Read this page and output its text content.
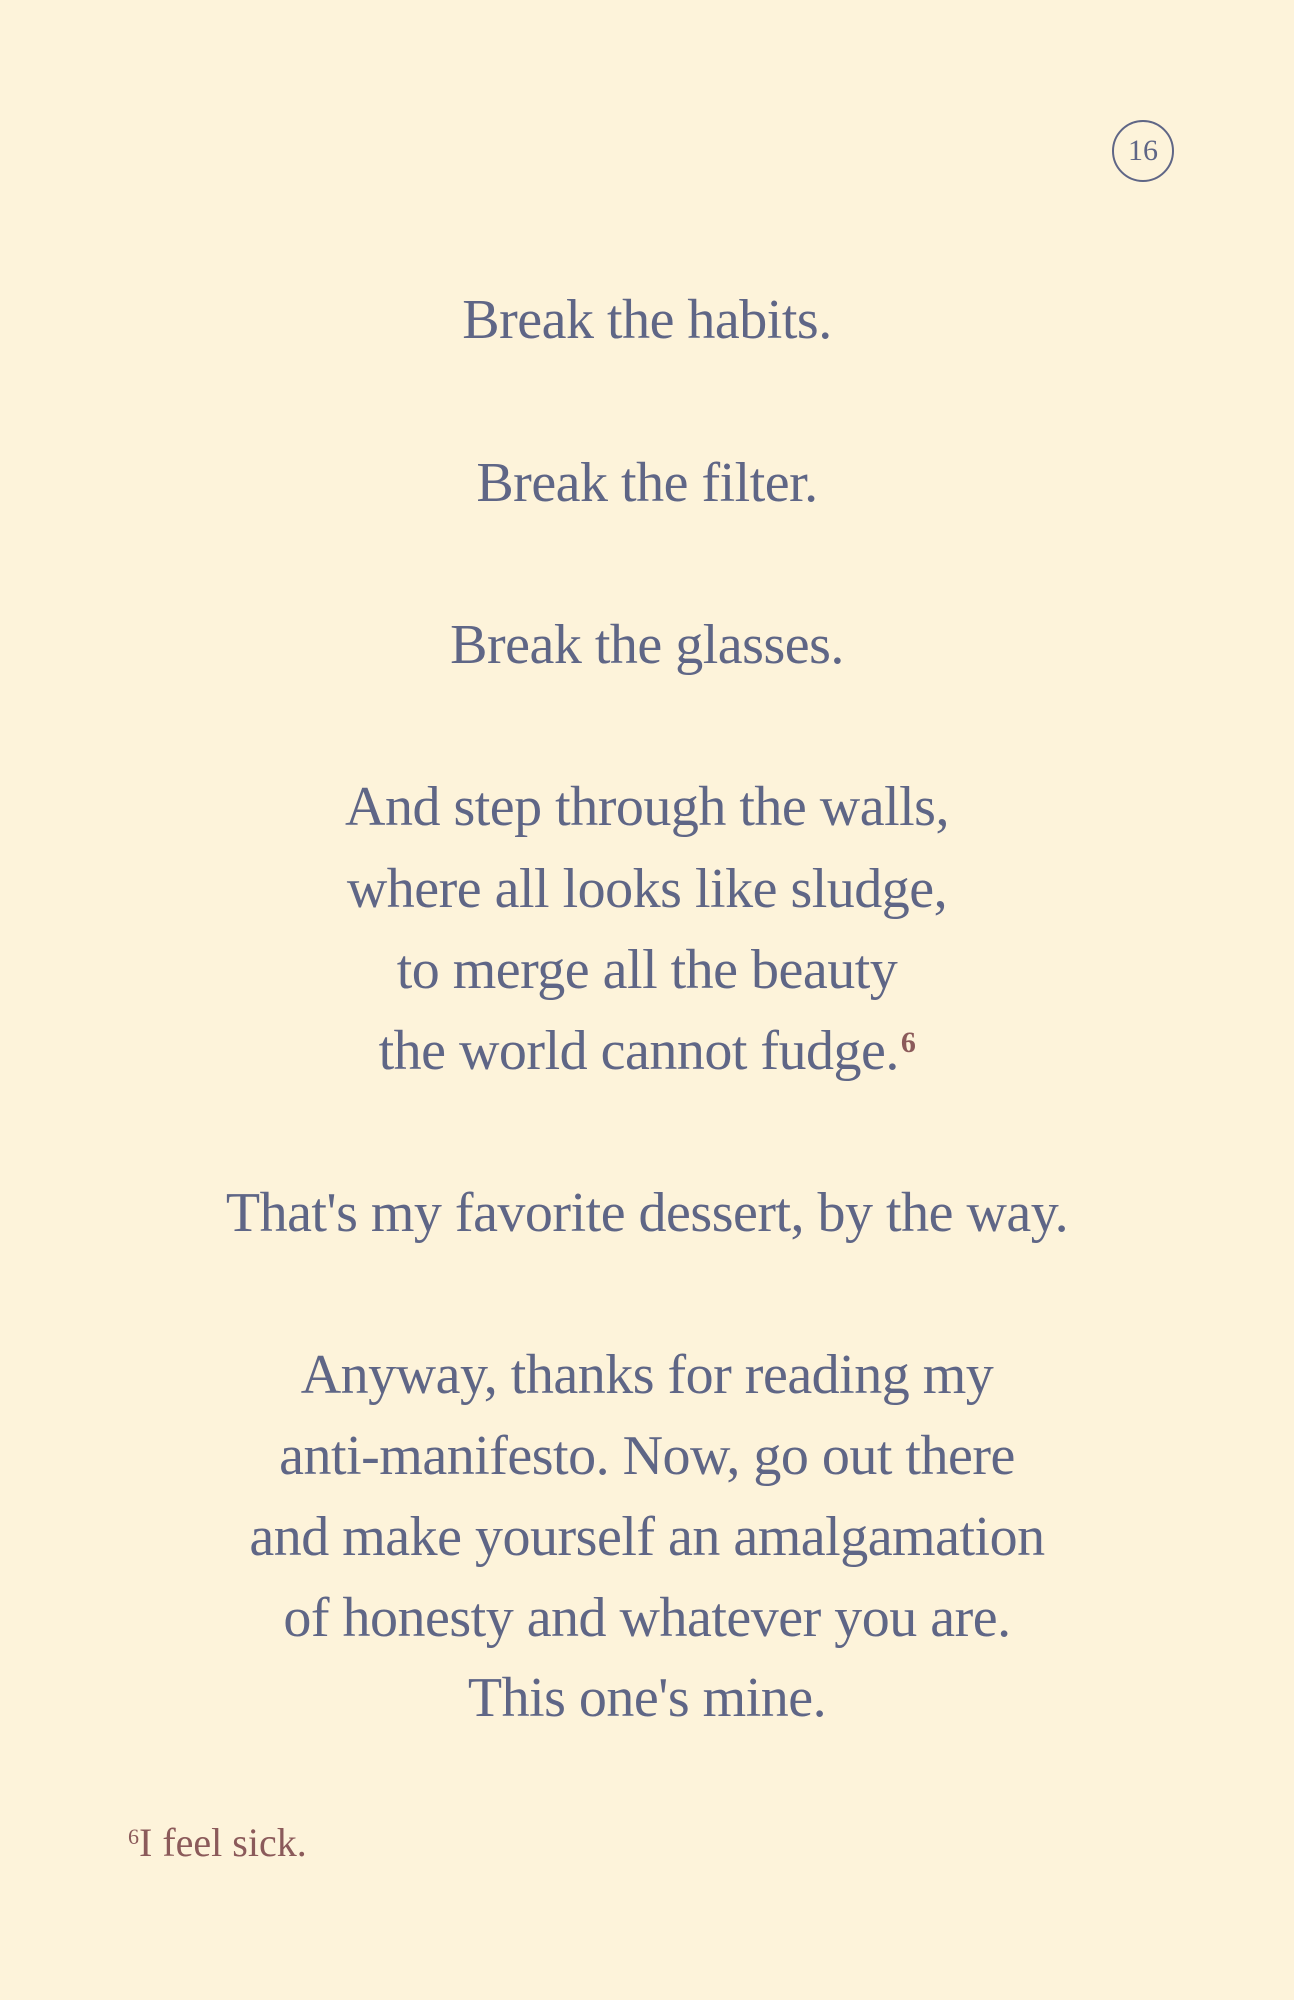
16
Break the habits.
Break the filter.
Break the glasses.
And step through the walls,
where all looks like sludge,
to merge all the beauty
the world cannot fudge.$^6$
That's my favorite dessert, by the way.
Anyway, thanks for reading my
anti-manifesto. Now, go out there
and make yourself an amalgamation
of honesty and whatever you are.
This one's mine.
$^6$I feel sick.
